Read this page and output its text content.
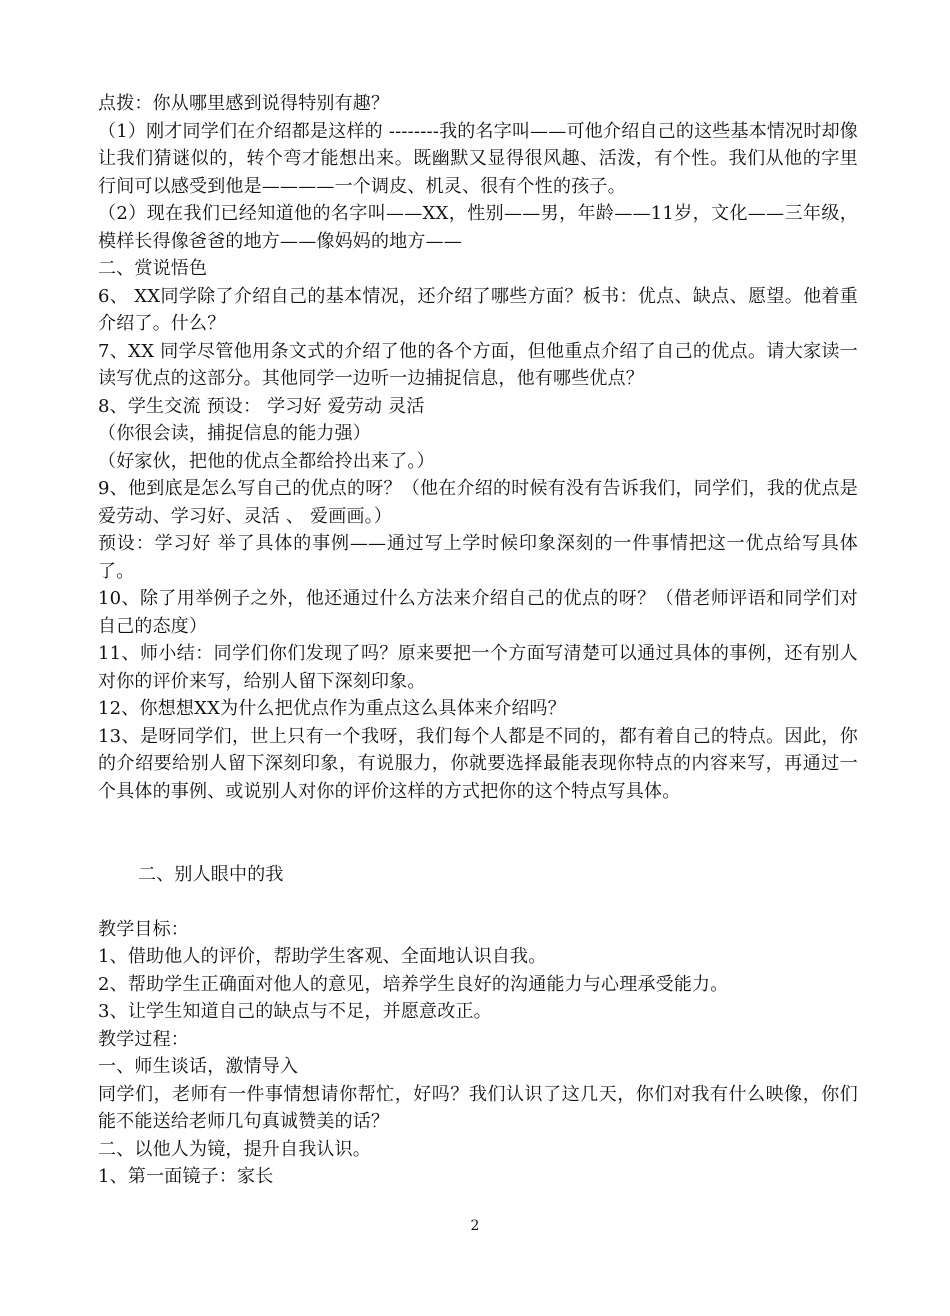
点拨：你从哪里感到说得特别有趣？

（1）刚才同学们在介绍都是这样的 --------我的名字叫——可他介绍自己的这些基本情况时却像让我们猜谜似的，转个弯才能想出来。既幽默又显得很风趣、活泼，有个性。我们从他的字里行间可以感受到他是————一个调皮、机灵、很有个性的孩子。

（2）现在我们已经知道他的名字叫——XX，性别——男，年龄——11岁，文化——三年级，模样长得像爸爸的地方——像妈妈的地方——

二、赏说悟色

6、 XX同学除了介绍自己的基本情况，还介绍了哪些方面？板书：优点、缺点、愿望。他着重介绍了。什么？

7、XX 同学尽管他用条文式的介绍了他的各个方面，但他重点介绍了自己的优点。请大家读一读写优点的这部分。其他同学一边听一边捕捉信息，他有哪些优点？

8、学生交流 预设： 学习好 爱劳动 灵活

（你很会读，捕捉信息的能力强）

（好家伙，把他的优点全都给拎出来了。）

9、他到底是怎么写自己的优点的呀？（他在介绍的时候有没有告诉我们，同学们，我的优点是爱劳动、学习好、灵活 、 爱画画。）

预设：学习好 举了具体的事例——通过写上学时候印象深刻的一件事情把这一优点给写具体了。

10、除了用举例子之外，他还通过什么方法来介绍自己的优点的呀？（借老师评语和同学们对自己的态度）

11、师小结：同学们你们发现了吗？原来要把一个方面写清楚可以通过具体的事例，还有别人对你的评价来写，给别人留下深刻印象。

12、你想想XX为什么把优点作为重点这么具体来介绍吗？

13、是呀同学们，世上只有一个我呀，我们每个人都是不同的，都有着自己的特点。因此，你的介绍要给别人留下深刻印象，有说服力，你就要选择最能表现你特点的内容来写，再通过一个具体的事例、或说别人对你的评价这样的方式把你的这个特点写具体。

二、别人眼中的我

教学目标：

1、借助他人的评价，帮助学生客观、全面地认识自我。

2、帮助学生正确面对他人的意见，培养学生良好的沟通能力与心理承受能力。

3、让学生知道自己的缺点与不足，并愿意改正。

教学过程：

一、师生谈话，激情导入

同学们，老师有一件事情想请你帮忙，好吗？我们认识了这几天，你们对我有什么映像，你们能不能送给老师几句真诚赞美的话？

二、以他人为镜，提升自我认识。

1、第一面镜子：家长

2
